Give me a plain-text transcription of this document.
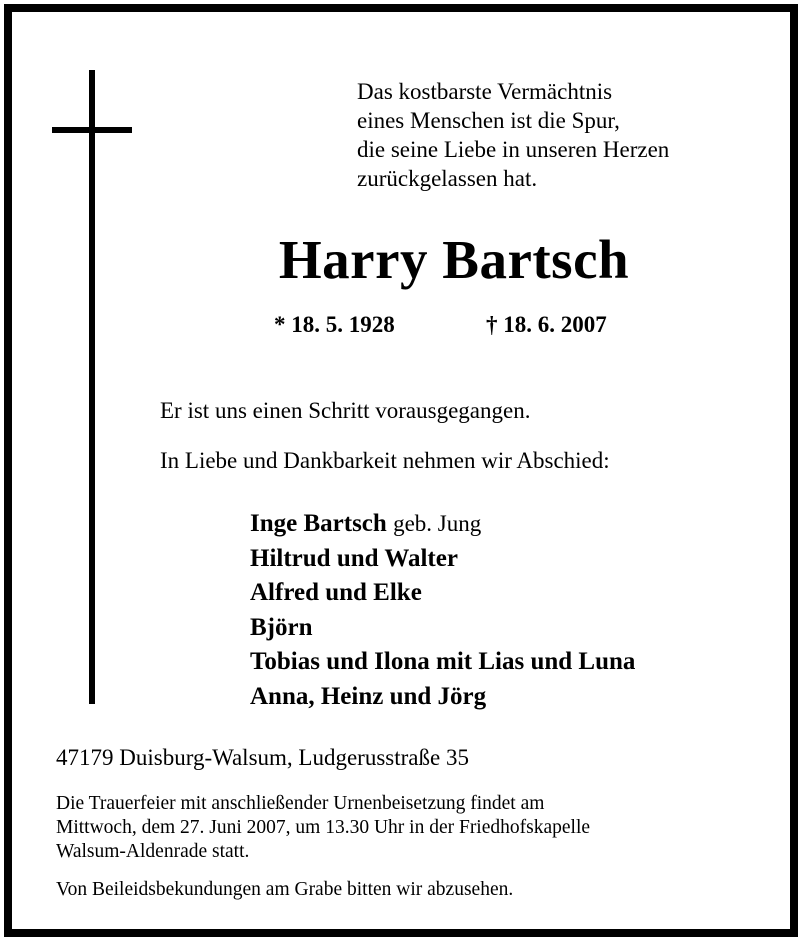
Das kostbarste Vermächtnis
eines Menschen ist die Spur,
die seine Liebe in unseren Herzen
zurückgelassen hat.
Harry Bartsch
* 18. 5. 1928	† 18. 6. 2007
Er ist uns einen Schritt vorausgegangen.
In Liebe und Dankbarkeit nehmen wir Abschied:
Inge Bartsch geb. Jung
Hiltrud und Walter
Alfred und Elke
Björn
Tobias und Ilona mit Lias und Luna
Anna, Heinz und Jörg
47179 Duisburg-Walsum, Ludgerusstraße 35
Die Trauerfeier mit anschließender Urnenbeisetzung findet am
Mittwoch, dem 27. Juni 2007, um 13.30 Uhr in der Friedhofskapelle
Walsum-Aldenrade statt.
Von Beileidsbekundungen am Grabe bitten wir abzusehen.
